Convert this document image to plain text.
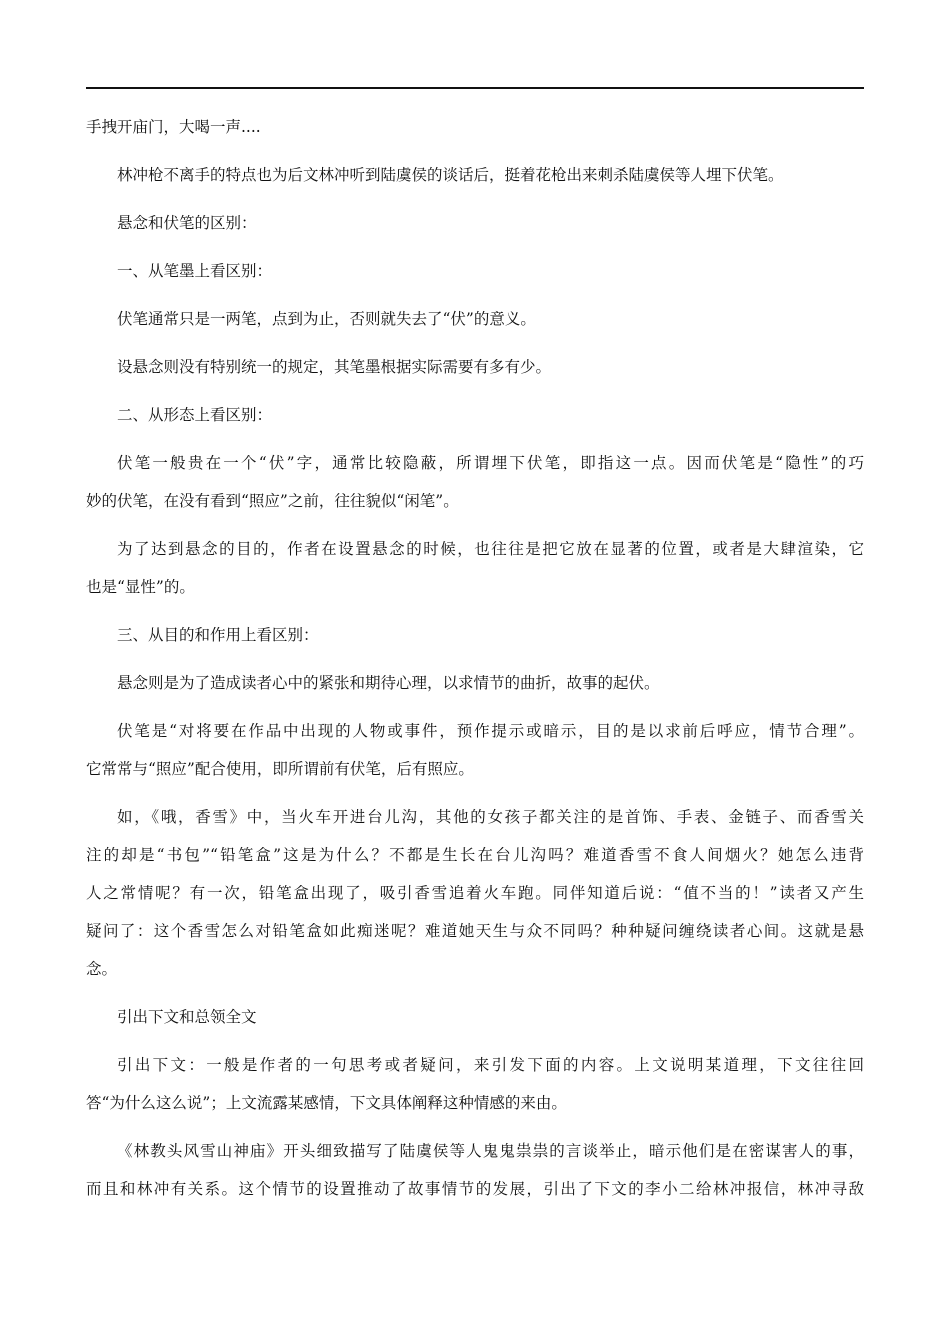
手拽开庙门，大喝一声....
林冲枪不离手的特点也为后文林冲听到陆虞侯的谈话后，挺着花枪出来刺杀陆虞侯等人埋下伏笔。
悬念和伏笔的区别：
一、从笔墨上看区别：
伏笔通常只是一两笔，点到为止，否则就失去了“伏”的意义。
设悬念则没有特别统一的规定，其笔墨根据实际需要有多有少。
二、从形态上看区别：
伏笔一般贵在一个“伏”字，通常比较隐蔽，所谓埋下伏笔，即指这一点。因而伏笔是“隐性”的巧
妙的伏笔，在没有看到“照应”之前，往往貌似“闲笔”。
为了达到悬念的目的，作者在设置悬念的时候，也往往是把它放在显著的位置，或者是大肆渲染，它
也是“显性”的。
三、从目的和作用上看区别：
悬念则是为了造成读者心中的紧张和期待心理，以求情节的曲折，故事的起伏。
伏笔是“对将要在作品中出现的人物或事件，预作提示或暗示，目的是以求前后呼应，情节合理”。
它常常与“照应”配合使用，即所谓前有伏笔，后有照应。
如，《哦，香雪》中，当火车开进台儿沟，其他的女孩子都关注的是首饰、手表、金链子、而香雪关
注的却是“书包”“铅笔盒”这是为什么？不都是生长在台儿沟吗？难道香雪不食人间烟火？她怎么违背
人之常情呢？有一次，铅笔盒出现了，吸引香雪追着火车跑。同伴知道后说：“值不当的！”读者又产生
疑问了：这个香雪怎么对铅笔盒如此痴迷呢？难道她天生与众不同吗？种种疑问缠绕读者心间。这就是悬
念。
引出下文和总领全文
引出下文：一般是作者的一句思考或者疑问，来引发下面的内容。上文说明某道理，下文往往回
答“为什么这么说”；上文流露某感情，下文具体阐释这种情感的来由。
《林教头风雪山神庙》开头细致描写了陆虞侯等人鬼鬼祟祟的言谈举止，暗示他们是在密谋害人的事，
而且和林冲有关系。这个情节的设置推动了故事情节的发展，引出了下文的李小二给林冲报信，林冲寻敌
